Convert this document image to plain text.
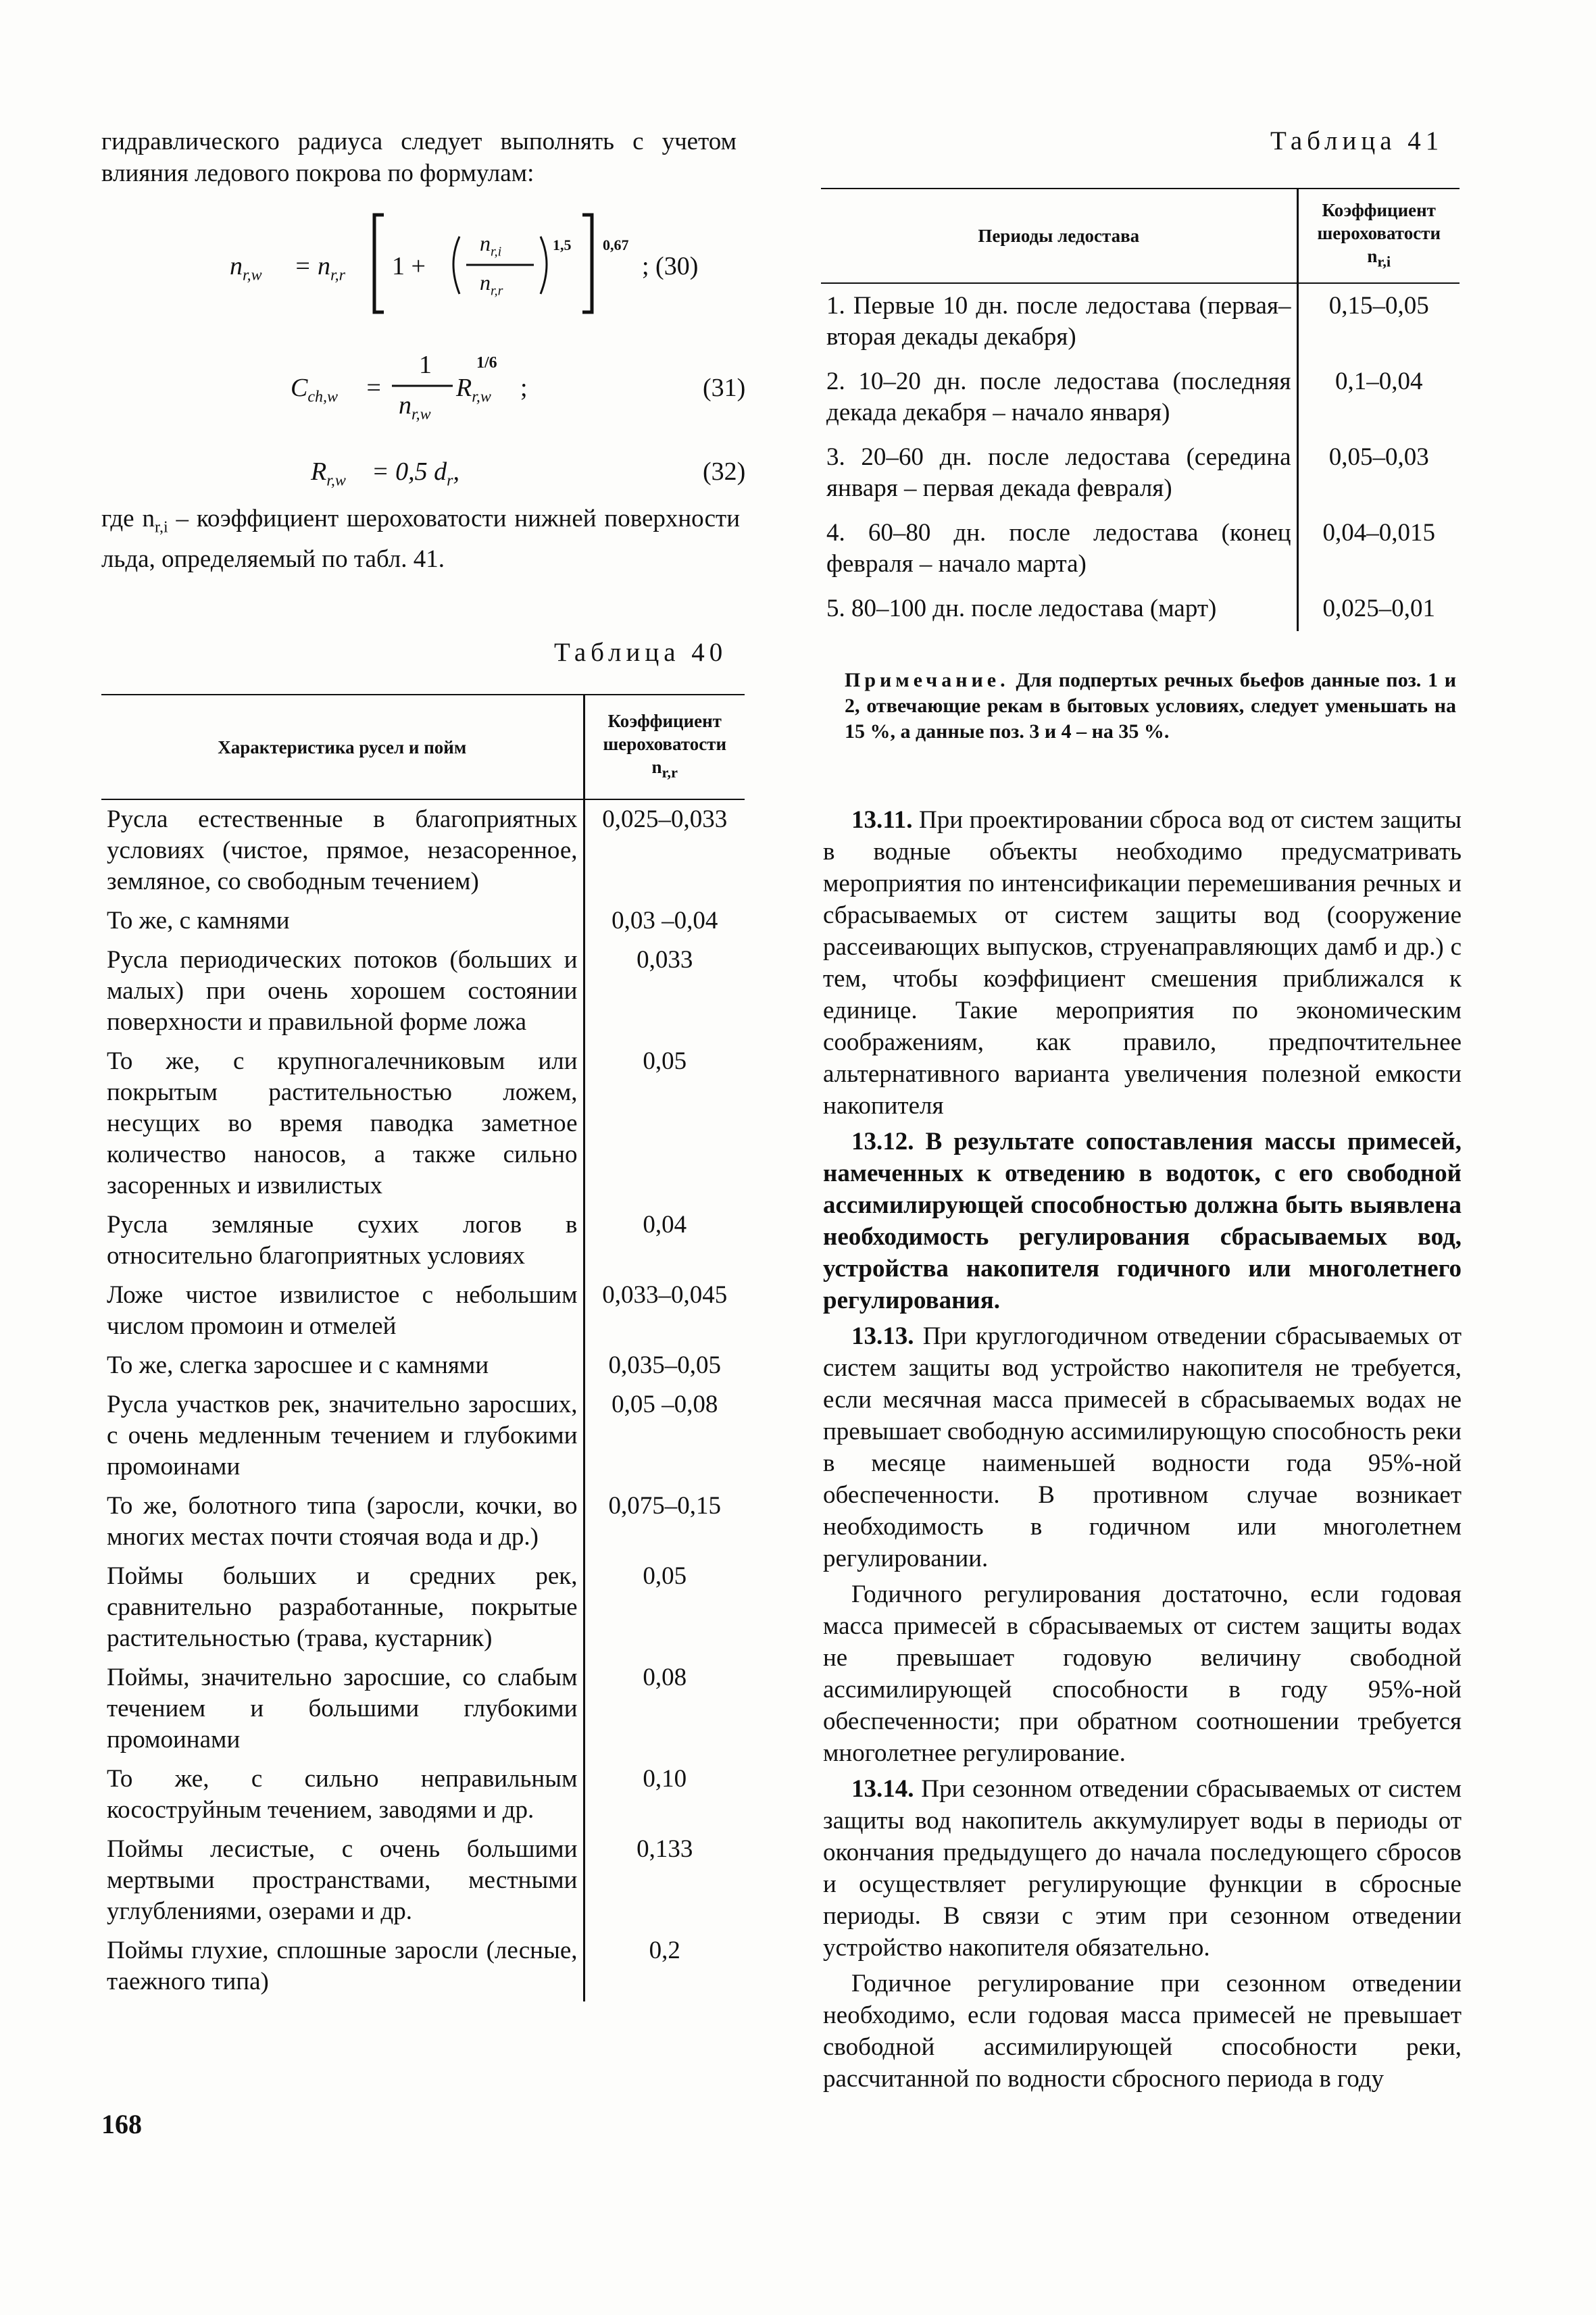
гидравлического радиуса следует выполнять с учетом влияния ледового покрова по формулам:

$n_{r,w} = n_{r,r}$ 1 +
$n_{r,i}$
$n_{r,r}$
1,5 0,67
; (30)
$C_{ch,w}$ =
1
$n_{r,w}$
$R_{r,w}$
1/6
;	(31)
$R_{r,w} = 0,5$ $d_r$,	(32)

где $n_{r,i}$ – коэффициент шероховатости нижней поверхности льда, определяемый по табл. 41.

Таблица 40
Характеристика русел и пойм	Коэффициент шероховатости $n_{r,r}$
Русла естественные в благоприятных условиях (чистое, прямое, незасоренное, земляное, со свободным течением)	0,025–0,033
То же, с камнями	0,03 –0,04
Русла периодических потоков (больших и малых) при очень хорошем состоянии поверхности и правильной форме ложа	0,033
То же, с крупногалечниковым или покрытым растительностью ложем, несущих во время паводка заметное количество наносов, а также сильно засоренных и извилистых	0,05
Русла земляные сухих логов в относительно благоприятных условиях	0,04
Ложе чистое извилистое с небольшим числом промоин и отмелей	0,033–0,045
То же, слегка заросшее и с камнями	0,035–0,05
Русла участков рек, значительно заросших, с очень медленным течением и глубокими промоинами	0,05 –0,08
То же, болотного типа (заросли, кочки, во многих местах почти стоячая вода и др.)	0,075–0,15
Поймы больших и средних рек, сравнительно разработанные, покрытые растительностью (трава, кустарник)	0,05
Поймы, значительно заросшие, со слабым течением и большими глубокими промоинами	0,08
То же, с сильно неправильным косоструйным течением, заводями и др.	0,10
Поймы лесистые, с очень большими мертвыми пространствами, местными углублениями, озерами и др.	0,133
Поймы глухие, сплошные заросли (лесные, таежного типа)	0,2
168
Таблица 41
Периоды ледостава	Коэффициент шероховатости $n_{r,i}$
1. Первые 10 дн. после ледостава (первая–вторая декады декабря)	0,15–0,05
2. 10–20 дн. после ледостава (последняя декада декабря – начало января)	0,1–0,04
3. 20–60 дн. после ледостава (середина января – первая декада февраля)	0,05–0,03
4. 60–80 дн. после ледостава (конец февраля – начало марта)	0,04–0,015
5. 80–100 дн. после ледостава (март)	0,025–0,01
Примечание. Для подпертых речных бьефов данные поз. 1 и 2, отвечающие рекам в бытовых условиях, следует уменьшать на 15 %, а данные поз. 3 и 4 – на 35 %.

13.11. При проектировании сброса вод от систем защиты в водные объекты необходимо предусматривать мероприятия по интенсификации перемешивания речных и сбрасываемых от систем защиты вод (сооружение рассеивающих выпусков, струенаправляющих дамб и др.) с тем, чтобы коэффициент смешения приближался к единице. Такие мероприятия по экономическим соображениям, как правило, предпочтительнее альтернативного варианта увеличения полезной емкости накопителя

13.12. В результате сопоставления массы примесей, намеченных к отведению в водоток, с его свободной ассимилирующей способностью должна быть выявлена необходимость регулирования сбрасываемых вод, устройства накопителя годичного или многолетнего регулирования.

13.13. При круглогодичном отведении сбрасываемых от систем защиты вод устройство накопителя не требуется, если месячная масса примесей в сбрасываемых водах не превышает свободную ассимилирующую способность реки в месяце наименьшей водности года 95%-ной обеспеченности. В противном случае возникает необходимость в годичном или многолетнем регулировании.

Годичного регулирования достаточно, если годовая масса примесей в сбрасываемых от систем защиты водах не превышает годовую величину свободной ассимилирующей способности в году 95%-ной обеспеченности; при обратном соотношении требуется многолетнее регулирование.

13.14. При сезонном отведении сбрасываемых от систем защиты вод накопитель аккумулирует воды в периоды от окончания предыдущего до начала последующего сбросов и осуществляет регулирующие функции в сбросные периоды. В связи с этим при сезонном отведении устройство накопителя обязательно.

Годичное регулирование при сезонном отведении необходимо, если годовая масса примесей не превышает свободной ассимилирующей способности реки, рассчитанной по водности сбросного периода в году
